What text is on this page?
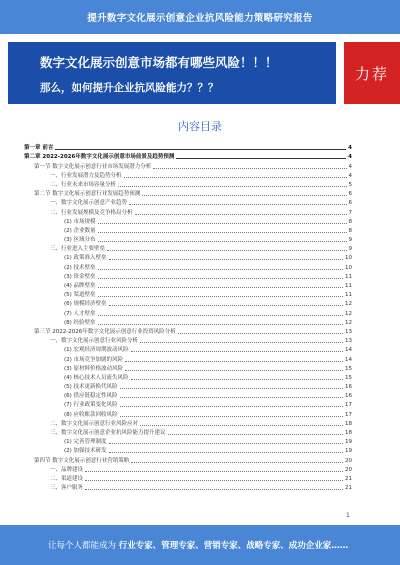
提升数字文化展示创意企业抗风险能力策略研究报告
数字文化展示创意市场都有哪些风险！！！
那么，如何提升企业抗风险能力？？？
力荐
内容目录
第一章 前言	4
第二章 2022-2026年数字文化展示创意市场前景及趋势预测	4
第一节 数字文化展示创意行业市场发展潜力分析	4
一、行业发展潜力及趋势分析	4
二、行业未来市场容量分析	5
第二节 数字文化展示创意行业发展趋势预测	6
一、数字文化展示创意产业趋势	6
二、行业发展规模及竞争格局分析	7
(1) 市场规模	8
(2) 企业数量	8
(3) 区域分布	9
三、行业进入主要壁垒	9
(1) 政策准入壁垒	10
(2) 技术壁垒	10
(3) 资金壁垒	11
(4) 品牌壁垒	11
(5) 渠道壁垒	11
(6) 规模经济壁垒	12
(7) 人才壁垒	12
(8) 经验壁垒	12
第三节 2022-2026年数字文化展示创意行业投资风险分析	13
一、数字文化展示创意行业风险分析	13
(1) 宏观经济周期波动风险	14
(2) 市场竞争加剧的风险	14
(3) 原材料价格波动风险	15
(4) 核心技术人员流失风险	15
(5) 技术更新换代风险	16
(6) 供应链稳定性风险	16
(7) 行业政策变化风险	17
(8) 应收账款回收风险	17
二、数字文化展示创意行业风险应对	18
三、数字文化展示创意企业抗风险能力提升建议	18
(1) 完善管理制度	19
(2) 加强技术研发	19
第四节 数字文化展示创意行业营销策略	20
一、品牌建设	20
二、渠道建设	21
三、客户服务	21
1
让每个人都能成为 行业专家、管理专家、营销专家、战略专家、成功企业家……
